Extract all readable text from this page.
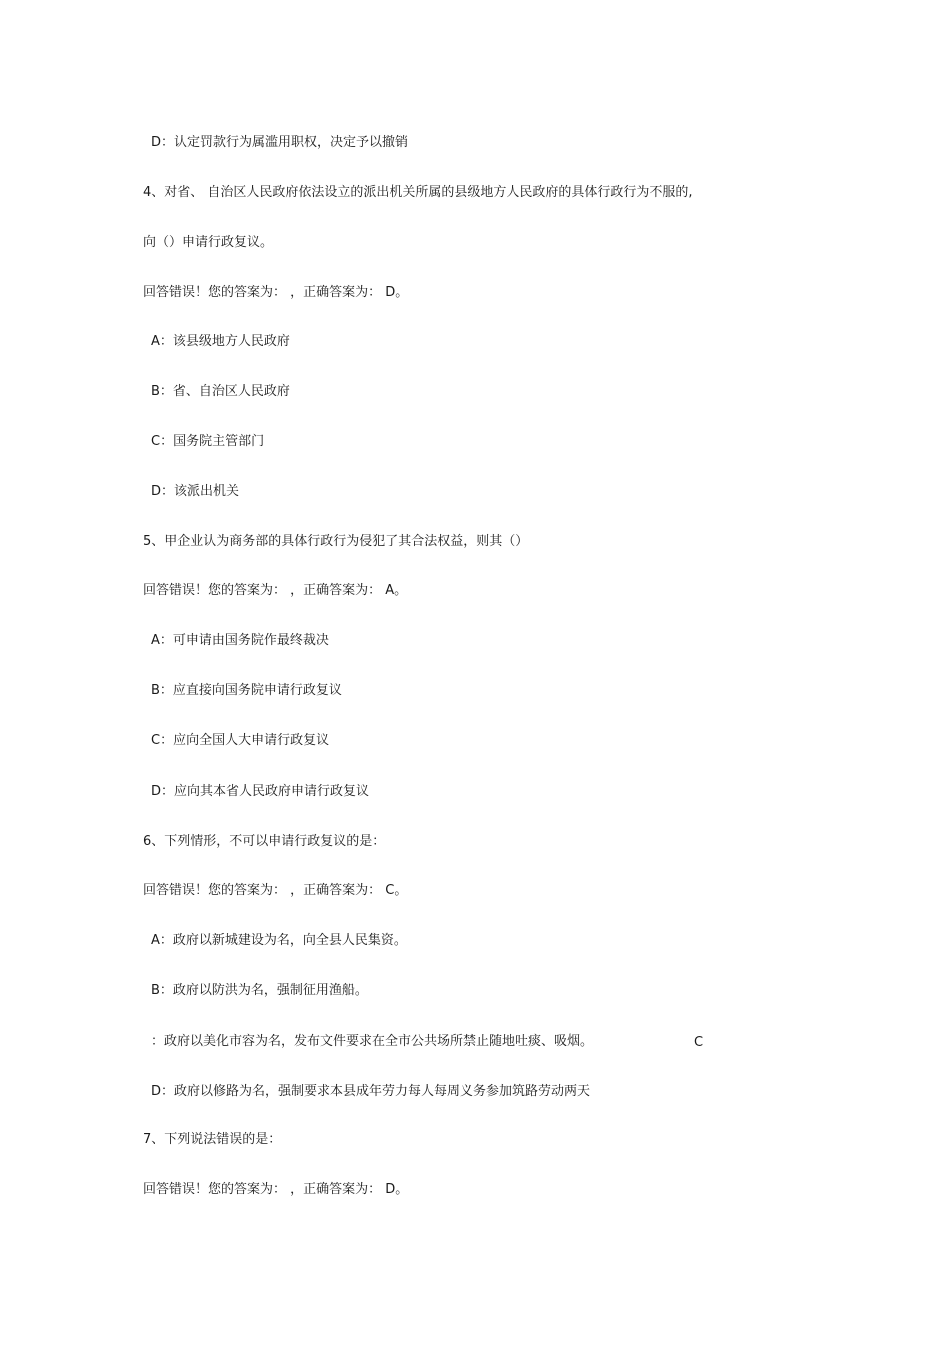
D：认定罚款行为属滥用职权，决定予以撤销
4、对省、 自治区人民政府依法设立的派出机关所属的县级地方人民政府的具体行政行为不服的,
向（）申请行政复议。
回答错误！您的答案为： ，正确答案为： D。
A：该县级地方人民政府
B：省、自治区人民政府
C：国务院主管部门
D：该派出机关
5、甲企业认为商务部的具体行政行为侵犯了其合法权益，则其（）
回答错误！您的答案为： ，正确答案为： A。
A：可申请由国务院作最终裁决
B：应直接向国务院申请行政复议
C：应向全国人大申请行政复议
D：应向其本省人民政府申请行政复议
6、下列情形，不可以申请行政复议的是：
回答错误！您的答案为： ，正确答案为： C。
A：政府以新城建设为名，向全县人民集资。
B：政府以防洪为名，强制征用渔船。
：政府以美化市容为名，发布文件要求在全市公共场所禁止随地吐痰、吸烟。	C
D：政府以修路为名，强制要求本县成年劳力每人每周义务参加筑路劳动两天
7、下列说法错误的是：
回答错误！您的答案为： ，正确答案为： D。
